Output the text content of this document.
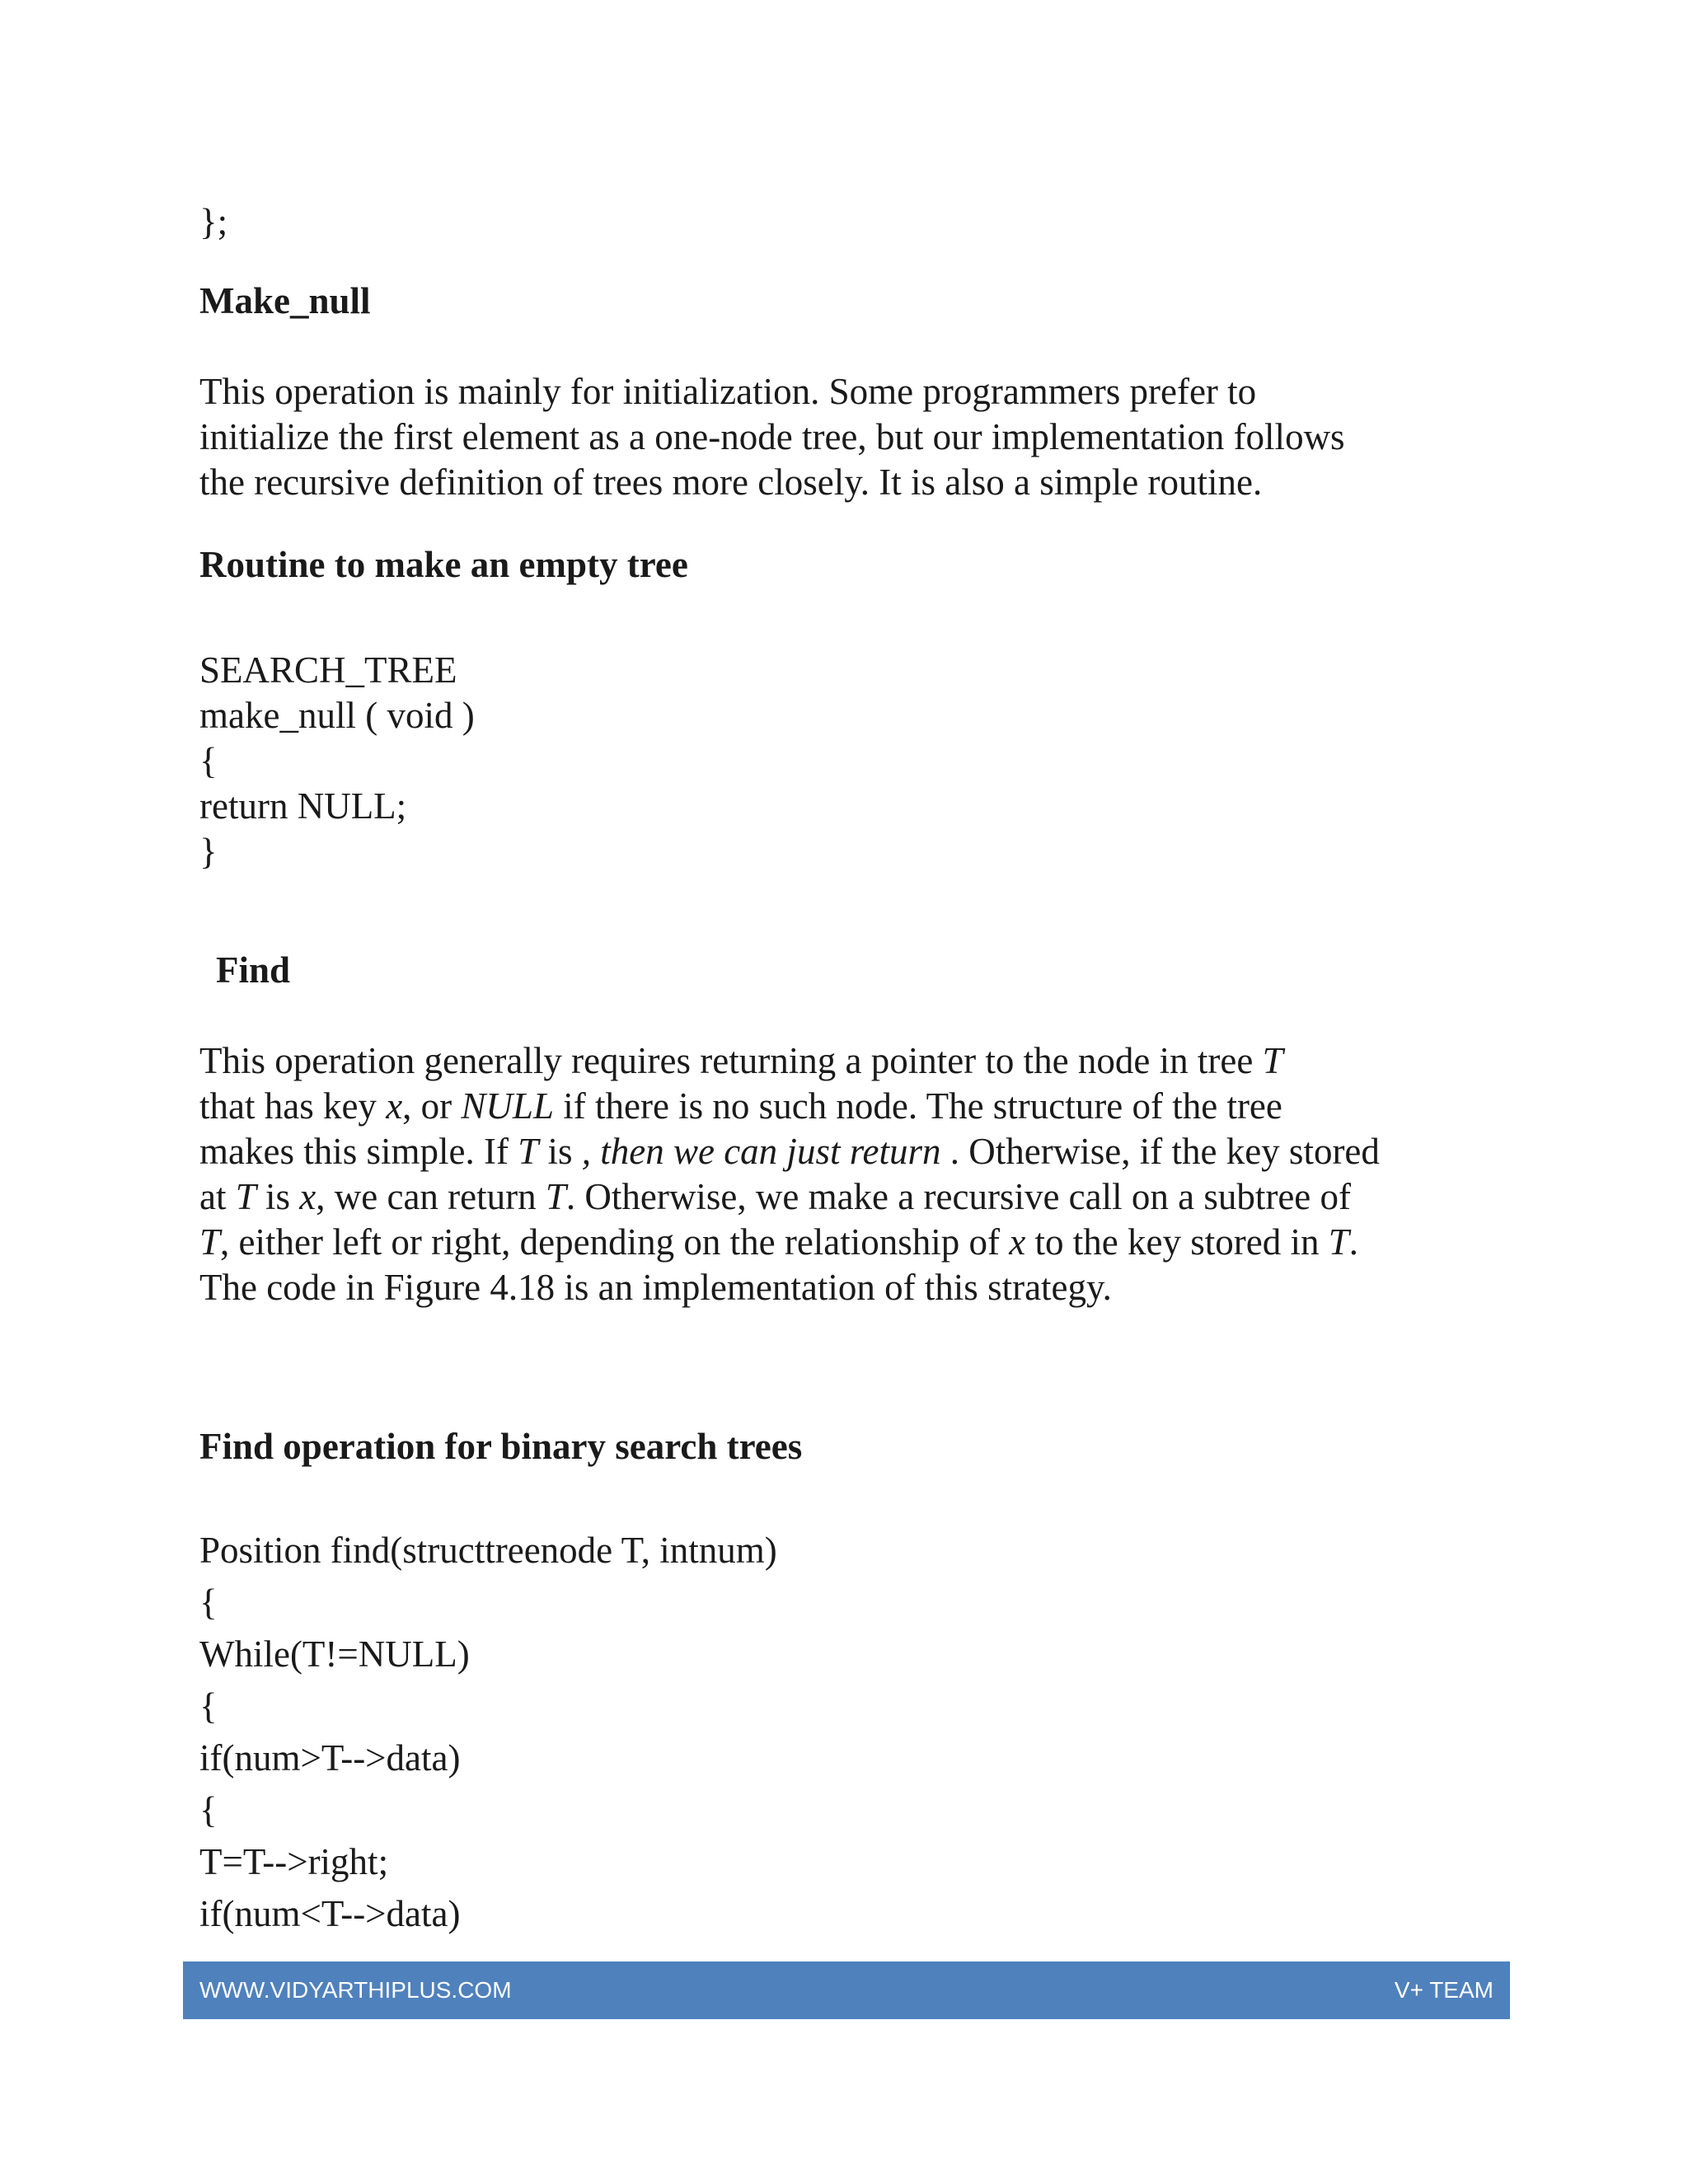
};

Make_null

This operation is mainly for initialization. Some programmers prefer to
initialize the first element as a one-node tree, but our implementation follows
the recursive definition of trees more closely. It is also a simple routine.

Routine to make an empty tree

SEARCH_TREE
make_null ( void )
{
return NULL;
}

Find

This operation generally requires returning a pointer to the node in tree T
that has key x, or NULL if there is no such node. The structure of the tree
makes this simple. If T is , then we can just return . Otherwise, if the key stored
at T is x, we can return T. Otherwise, we make a recursive call on a subtree of
T, either left or right, depending on the relationship of x to the key stored in T.
The code in Figure 4.18 is an implementation of this strategy.

Find operation for binary search trees

Position find(structtreenode T, intnum)
{
While(T!=NULL)
{
if(num>T-->data)
{
T=T-->right;
if(num<T-->data)
WWW.VIDYARTHIPLUS.COM	V+ TEAM
